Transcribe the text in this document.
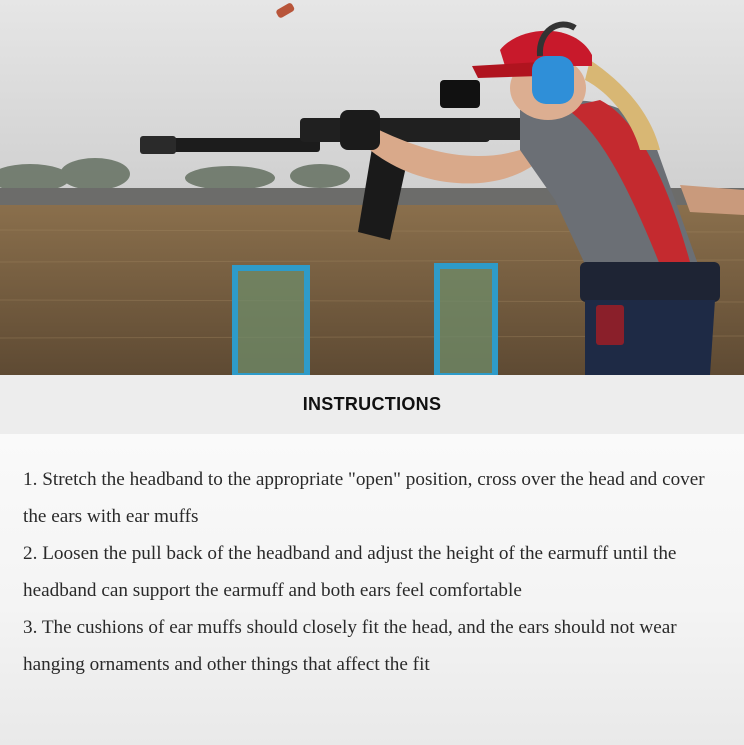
INSTRUCTIONS
1. Stretch the headband to the appropriate "open" position, cross over the head and cover the ears with ear muffs
2. Loosen the pull back of the headband and adjust the height of the earmuff until the headband can support the earmuff and both ears feel comfortable
3. The cushions of ear muffs should closely fit the head, and the ears should not wear hanging ornaments and other things that affect the fit
